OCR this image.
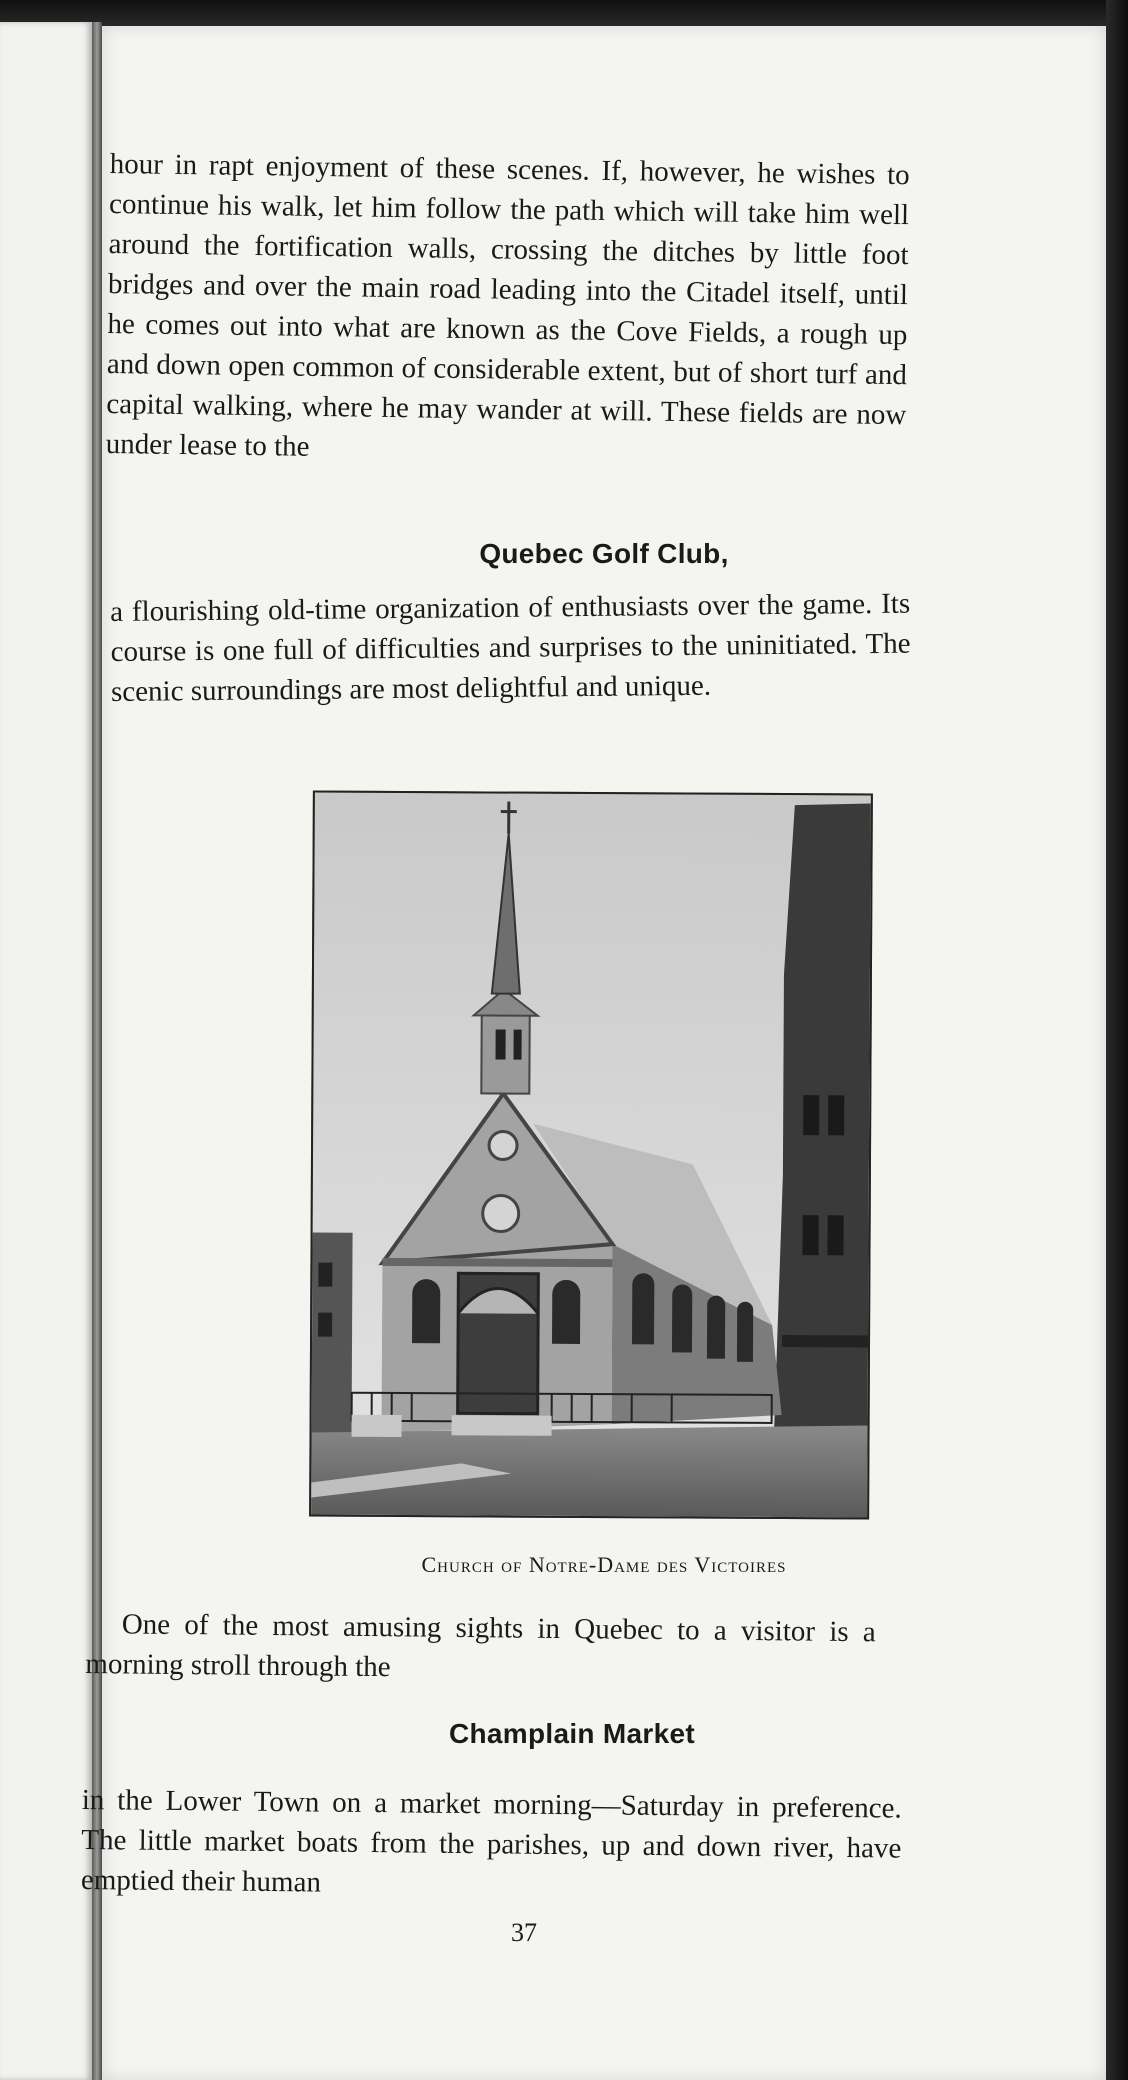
hour in rapt enjoyment of these scenes. If, however, he wishes to continue his walk, let him follow the path which will take him well around the fortification walls, crossing the ditches by little foot bridges and over the main road leading into the Citadel itself, until he comes out into what are known as the Cove Fields, a rough up and down open common of considerable extent, but of short turf and capital walking, where he may wander at will. These fields are now under lease to the

Quebec Golf Club,

a flourishing old-time organization of enthusiasts over the game. Its course is one full of difficulties and surprises to the uninitiated. The scenic surroundings are most delightful and unique.

Church of Notre-Dame des Victoires

One of the most amusing sights in Quebec to a visitor is a morning stroll through the

Champlain Market

in the Lower Town on a market morning—Saturday in preference. The little market boats from the parishes, up and down river, have emptied their human

37
